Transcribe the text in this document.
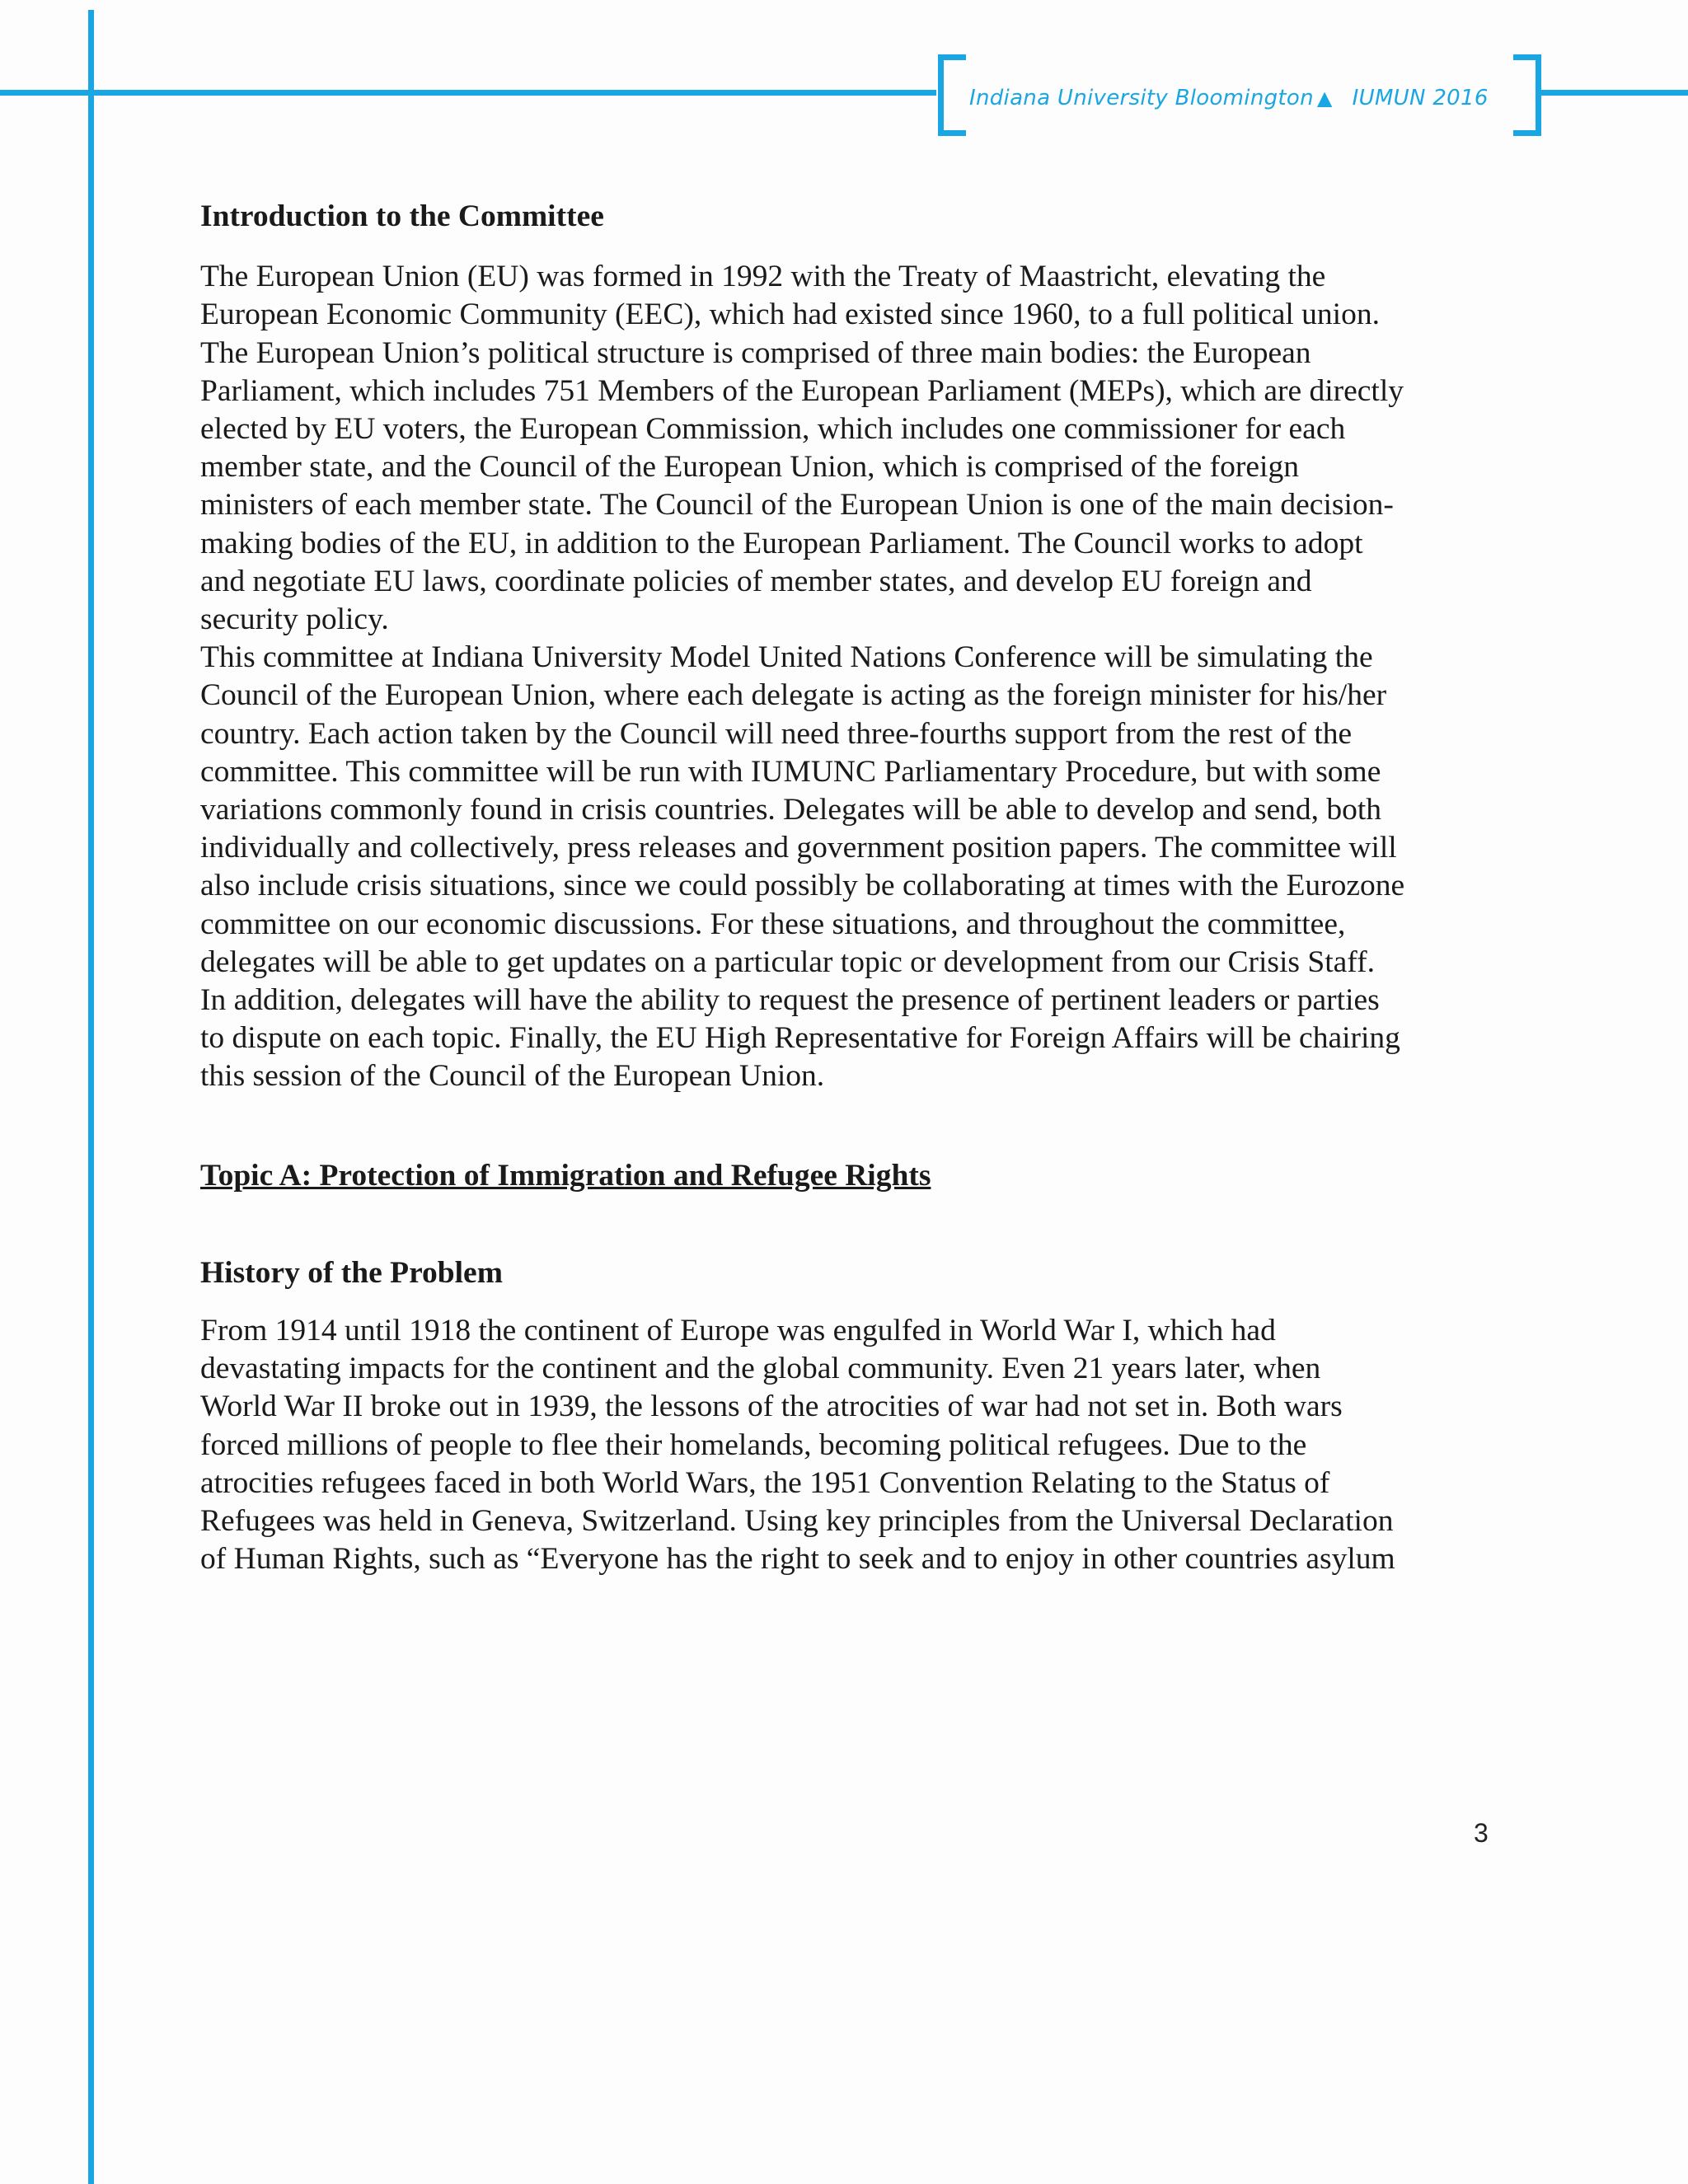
Indiana University Bloomington ▲ IUMUN 2016

Introduction to the Committee

The European Union (EU) was formed in 1992 with the Treaty of Maastricht, elevating the
European Economic Community (EEC), which had existed since 1960, to a full political union.
The European Union’s political structure is comprised of three main bodies: the European
Parliament, which includes 751 Members of the European Parliament (MEPs), which are directly
elected by EU voters, the European Commission, which includes one commissioner for each
member state, and the Council of the European Union, which is comprised of the foreign
ministers of each member state. The Council of the European Union is one of the main decision-
making bodies of the EU, in addition to the European Parliament. The Council works to adopt
and negotiate EU laws, coordinate policies of member states, and develop EU foreign and
security policy.

This committee at Indiana University Model United Nations Conference will be simulating the
Council of the European Union, where each delegate is acting as the foreign minister for his/her
country. Each action taken by the Council will need three-fourths support from the rest of the
committee. This committee will be run with IUMUNC Parliamentary Procedure, but with some
variations commonly found in crisis countries. Delegates will be able to develop and send, both
individually and collectively, press releases and government position papers. The committee will
also include crisis situations, since we could possibly be collaborating at times with the Eurozone
committee on our economic discussions. For these situations, and throughout the committee,
delegates will be able to get updates on a particular topic or development from our Crisis Staff.
In addition, delegates will have the ability to request the presence of pertinent leaders or parties
to dispute on each topic. Finally, the EU High Representative for Foreign Affairs will be chairing
this session of the Council of the European Union.

Topic A: Protection of Immigration and Refugee Rights

History of the Problem

From 1914 until 1918 the continent of Europe was engulfed in World War I, which had
devastating impacts for the continent and the global community. Even 21 years later, when
World War II broke out in 1939, the lessons of the atrocities of war had not set in. Both wars
forced millions of people to flee their homelands, becoming political refugees. Due to the
atrocities refugees faced in both World Wars, the 1951 Convention Relating to the Status of
Refugees was held in Geneva, Switzerland. Using key principles from the Universal Declaration
of Human Rights, such as “Everyone has the right to seek and to enjoy in other countries asylum

3
